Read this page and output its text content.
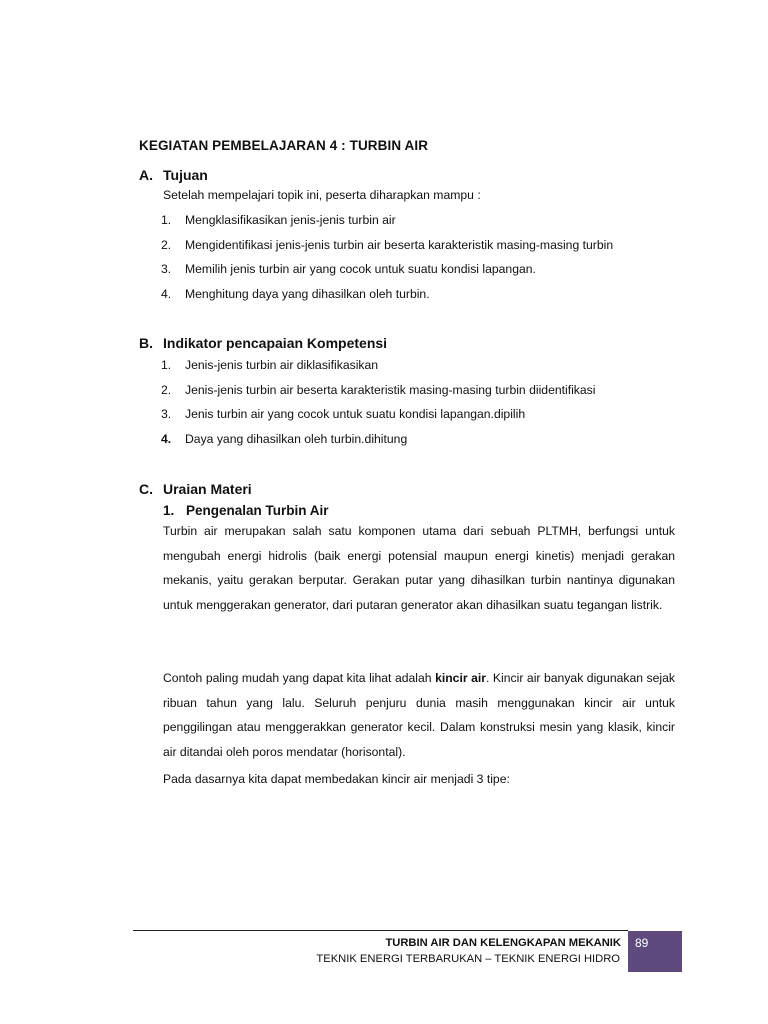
KEGIATAN PEMBELAJARAN 4 : TURBIN AIR
A. Tujuan
Setelah mempelajari topik ini, peserta diharapkan mampu :
1. Mengklasifikasikan jenis-jenis turbin air
2. Mengidentifikasi jenis-jenis turbin air beserta karakteristik masing-masing turbin
3. Memilih jenis turbin air yang cocok untuk suatu kondisi lapangan.
4. Menghitung daya yang dihasilkan oleh turbin.
B. Indikator pencapaian Kompetensi
1. Jenis-jenis turbin air diklasifikasikan
2. Jenis-jenis turbin air beserta karakteristik masing-masing turbin diidentifikasi
3. Jenis turbin air yang cocok untuk suatu kondisi lapangan.dipilih
4. Daya yang dihasilkan oleh turbin.dihitung
C. Uraian Materi
1. Pengenalan Turbin Air

Turbin air merupakan salah satu komponen utama dari sebuah PLTMH, berfungsi untuk mengubah energi hidrolis (baik energi potensial maupun energi kinetis) menjadi gerakan mekanis, yaitu gerakan berputar. Gerakan putar yang dihasilkan turbin nantinya digunakan untuk menggerakan generator, dari putaran generator akan dihasilkan suatu tegangan listrik.

Contoh paling mudah yang dapat kita lihat adalah kincir air. Kincir air banyak digunakan sejak ribuan tahun yang lalu. Seluruh penjuru dunia masih menggunakan kincir air untuk penggilingan atau menggerakkan generator kecil. Dalam konstruksi mesin yang klasik, kincir air ditandai oleh poros mendatar (horisontal).

Pada dasarnya kita dapat membedakan kincir air menjadi 3 tipe:
TURBIN AIR DAN KELENGKAPAN MEKANIK
TEKNIK ENERGI TERBARUKAN – TEKNIK ENERGI HIDRO
89
